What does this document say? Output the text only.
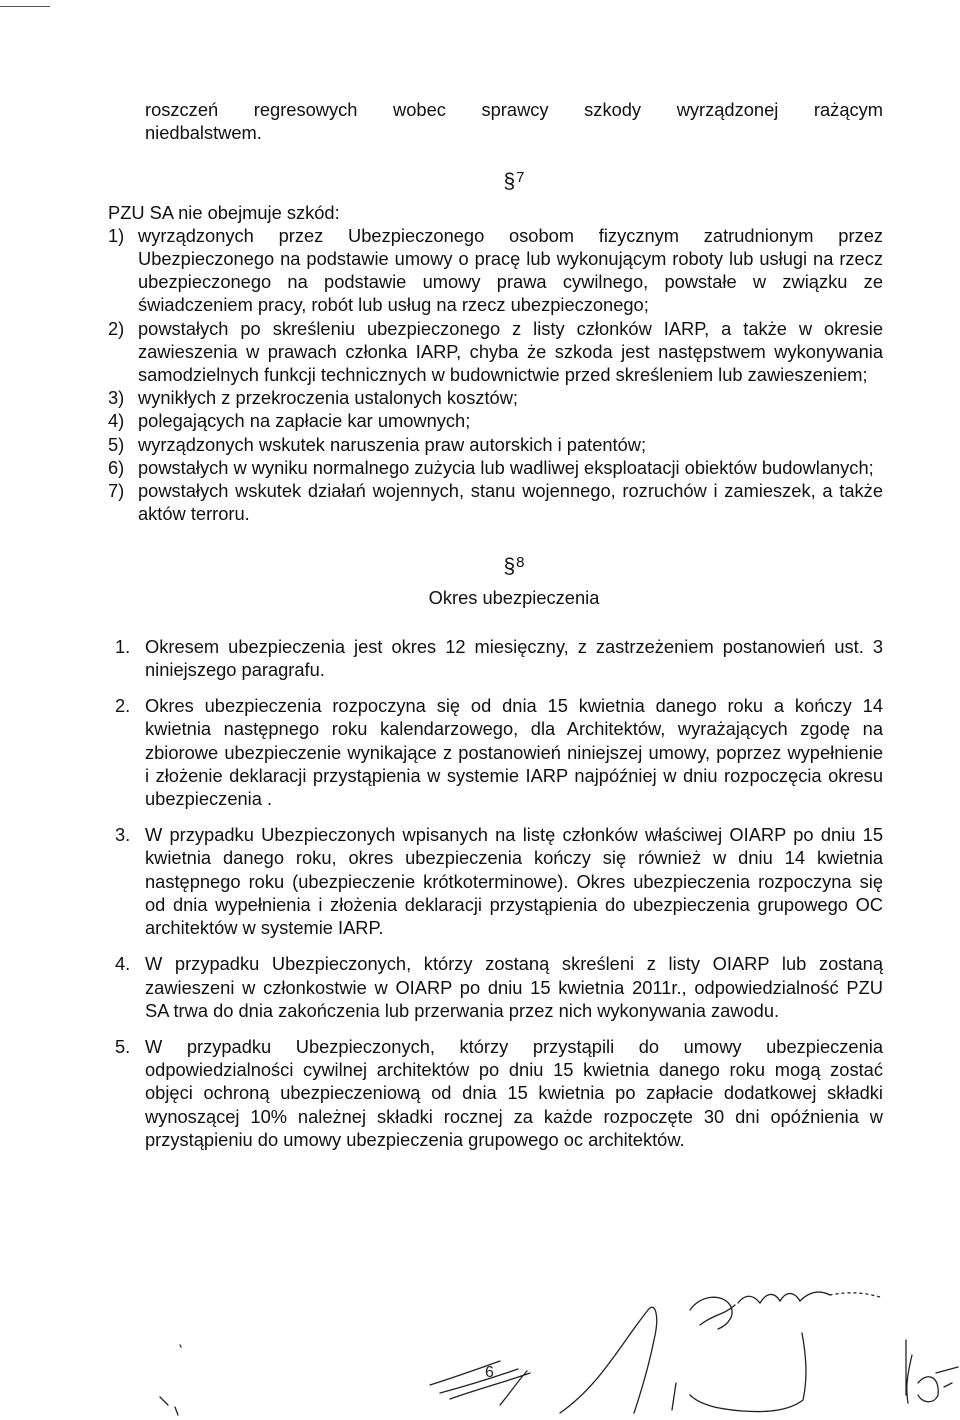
roszczeń regresowych wobec sprawcy szkody wyrządzonej rażącym
niedbalstwem.
§$^7$
PZU SA nie obejmuje szkód:
1) wyrządzonych przez Ubezpieczonego osobom fizycznym zatrudnionym przez Ubezpieczonego na podstawie umowy o pracę lub wykonującym roboty lub usługi na rzecz ubezpieczonego na podstawie umowy prawa cywilnego, powstałe w związku ze świadczeniem pracy, robót lub usług na rzecz ubezpieczonego;
2) powstałych po skreśleniu ubezpieczonego z listy członków IARP, a także w okresie zawieszenia w prawach członka IARP, chyba że szkoda jest następstwem wykonywania samodzielnych funkcji technicznych w budownictwie przed skreśleniem lub zawieszeniem;
3) wynikłych z przekroczenia ustalonych kosztów;
4) polegających na zapłacie kar umownych;
5) wyrządzonych wskutek naruszenia praw autorskich i patentów;
6) powstałych w wyniku normalnego zużycia lub wadliwej eksploatacji obiektów budowlanych;
7) powstałych wskutek działań wojennych, stanu wojennego, rozruchów i zamieszek, a także aktów terroru.
§$^8$
Okres ubezpieczenia
1. Okresem ubezpieczenia jest okres 12 miesięczny, z zastrzeżeniem postanowień ust. 3 niniejszego paragrafu.
2. Okres ubezpieczenia rozpoczyna się od dnia 15 kwietnia danego roku a kończy 14 kwietnia następnego roku kalendarzowego, dla Architektów, wyrażających zgodę na zbiorowe ubezpieczenie wynikające z postanowień niniejszej umowy, poprzez wypełnienie i złożenie deklaracji przystąpienia w systemie IARP najpóźniej w dniu rozpoczęcia okresu ubezpieczenia .
3. W przypadku Ubezpieczonych wpisanych na listę członków właściwej OIARP po dniu 15 kwietnia danego roku, okres ubezpieczenia kończy się również w dniu 14 kwietnia następnego roku (ubezpieczenie krótkoterminowe). Okres ubezpieczenia rozpoczyna się od dnia wypełnienia i złożenia deklaracji przystąpienia do ubezpieczenia grupowego OC architektów w systemie IARP.
4. W przypadku Ubezpieczonych, którzy zostaną skreśleni z listy OIARP lub zostaną zawieszeni w członkostwie w OIARP po dniu 15 kwietnia 2011r., odpowiedzialność PZU SA trwa do dnia zakończenia lub przerwania przez nich wykonywania zawodu.
5. W przypadku Ubezpieczonych, którzy przystąpili do umowy ubezpieczenia odpowiedzialności cywilnej architektów po dniu 15 kwietnia danego roku mogą zostać objęci ochroną ubezpieczeniową od dnia 15 kwietnia po zapłacie dodatkowej składki wynoszącej 10% należnej składki rocznej za każde rozpoczęte 30 dni opóźnienia w przystąpieniu do umowy ubezpieczenia grupowego oc architektów.
6
